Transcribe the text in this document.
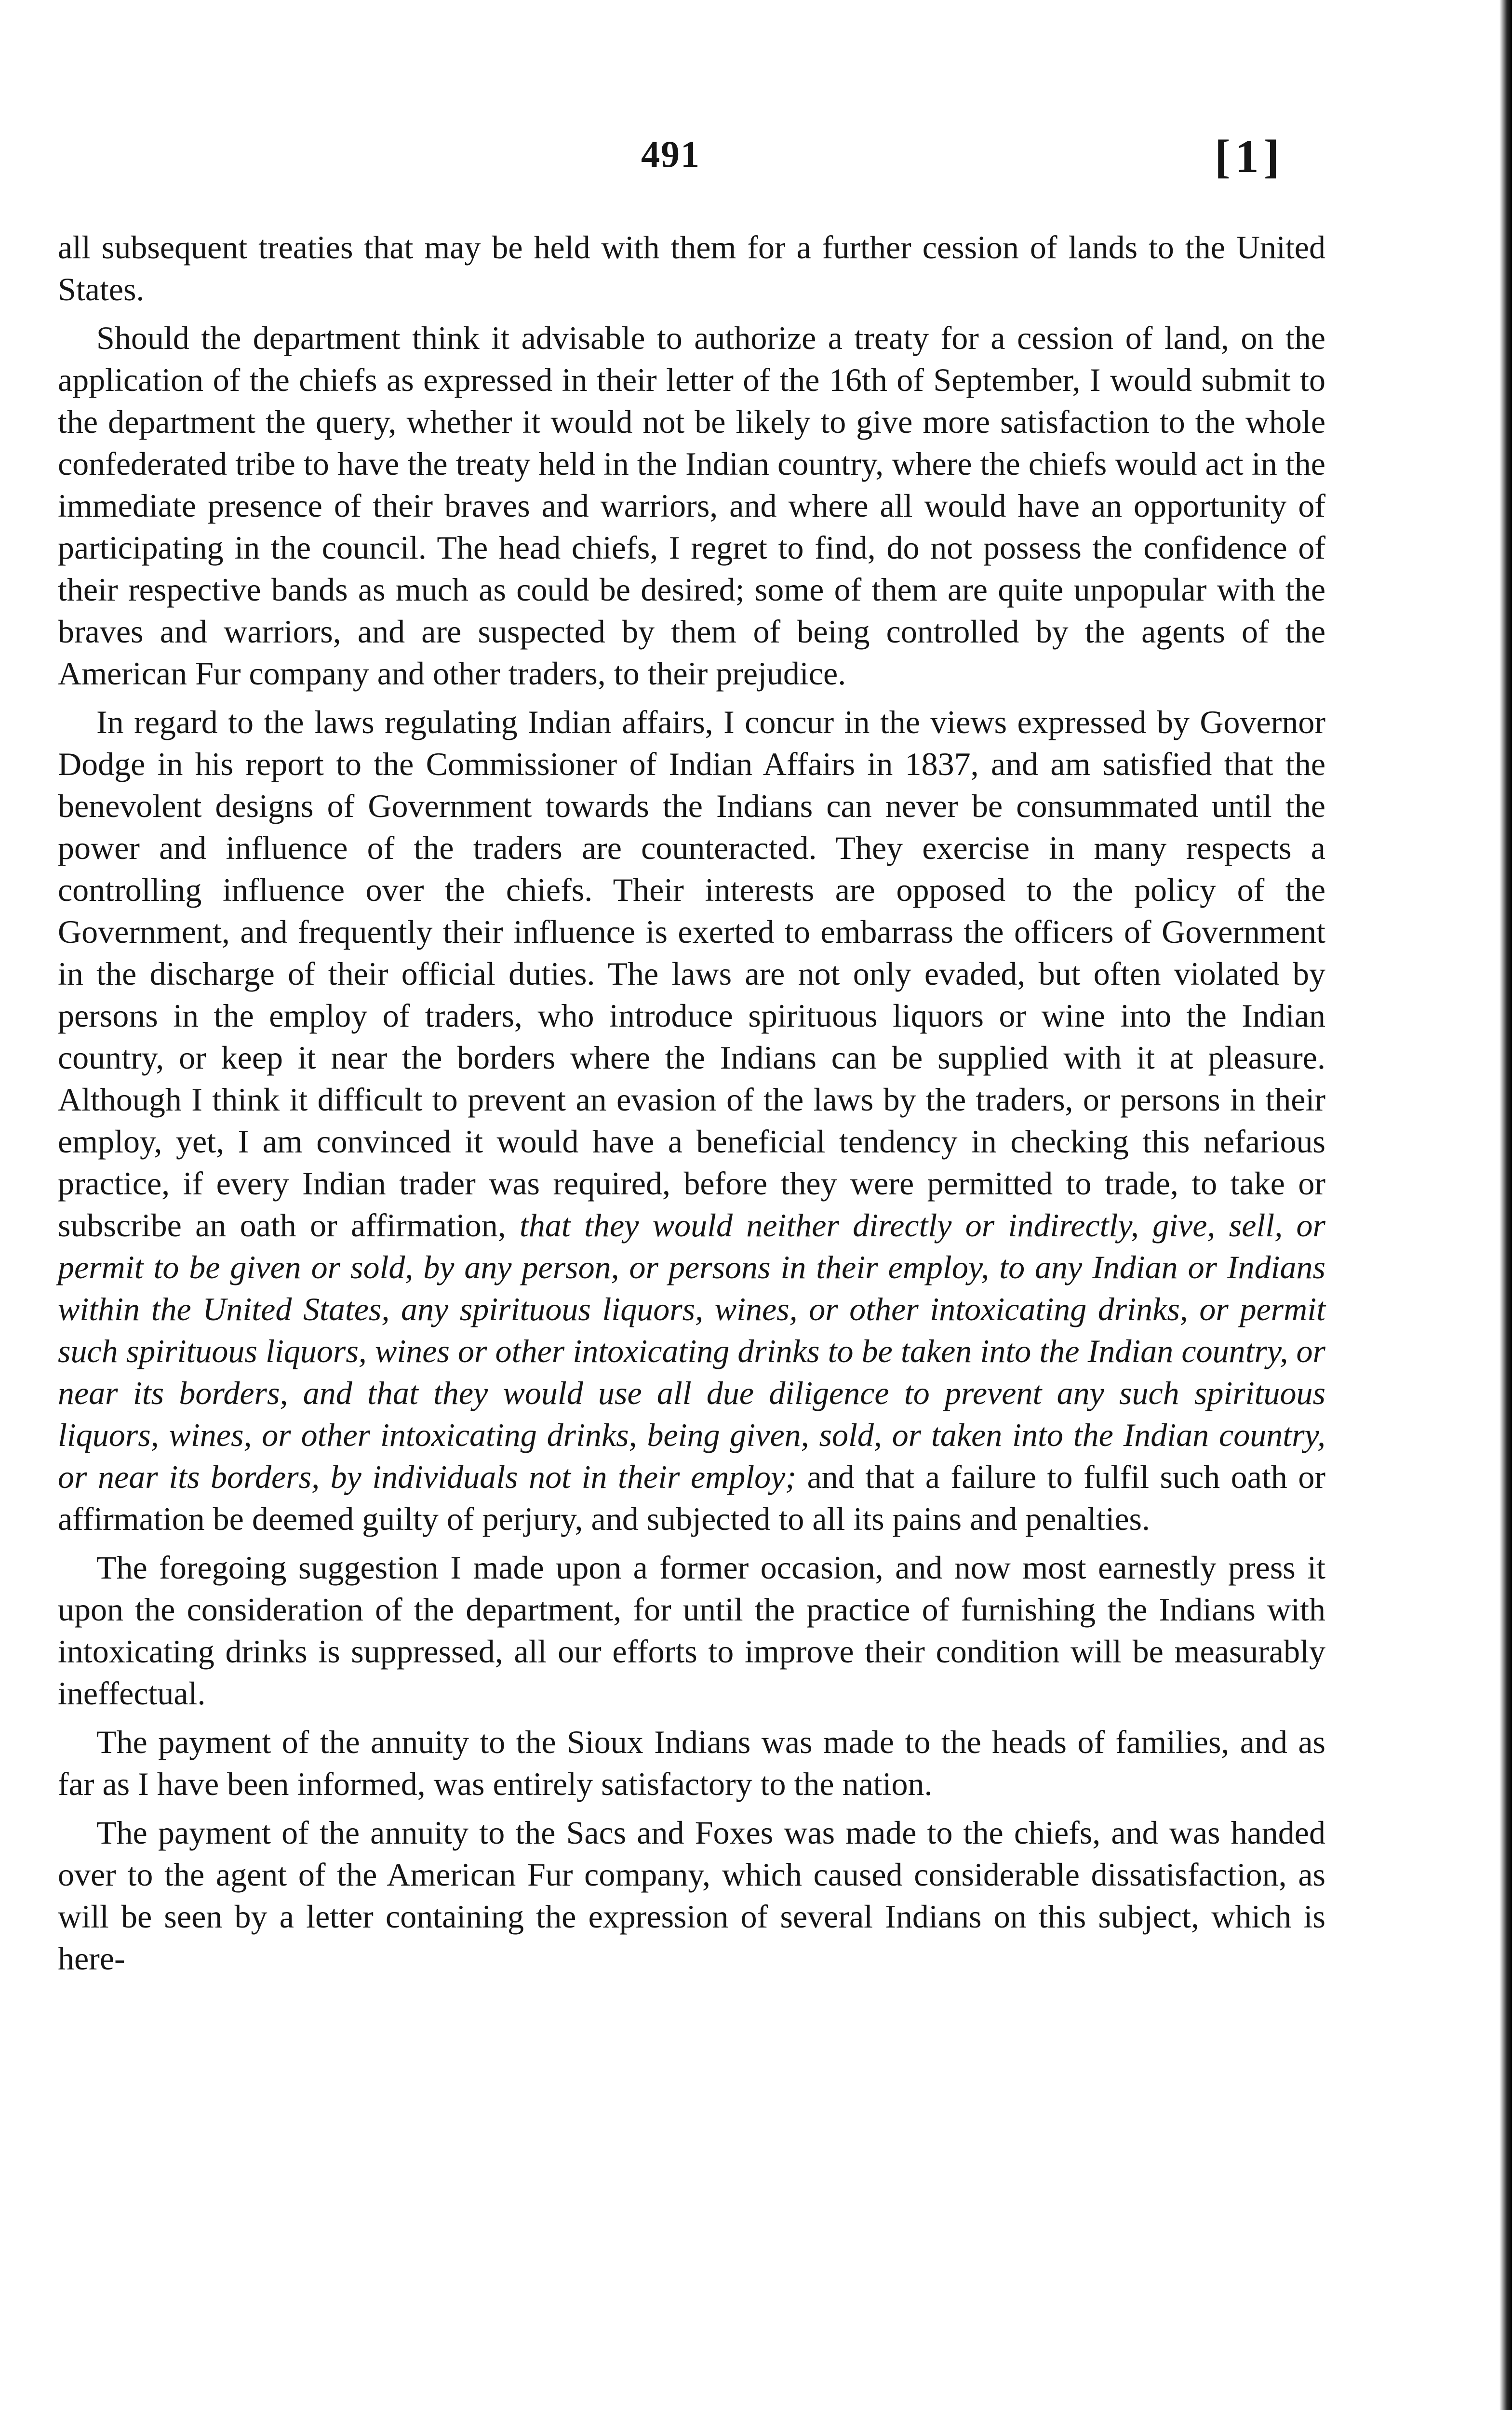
491	[1]

all subsequent treaties that may be held with them for a further cession of lands to the United States.

Should the department think it advisable to authorize a treaty for a cession of land, on the application of the chiefs as expressed in their letter of the 16th of September, I would submit to the department the query, whether it would not be likely to give more satisfaction to the whole confederated tribe to have the treaty held in the Indian country, where the chiefs would act in the immediate presence of their braves and warriors, and where all would have an opportunity of participating in the council. The head chiefs, I regret to find, do not possess the confidence of their respective bands as much as could be desired; some of them are quite unpopular with the braves and warriors, and are suspected by them of being controlled by the agents of the American Fur company and other traders, to their prejudice.

In regard to the laws regulating Indian affairs, I concur in the views expressed by Governor Dodge in his report to the Commissioner of Indian Affairs in 1837, and am satisfied that the benevolent designs of Government towards the Indians can never be consummated until the power and influence of the traders are counteracted. They exercise in many respects a controlling influence over the chiefs. Their interests are opposed to the policy of the Government, and frequently their influence is exerted to embarrass the officers of Government in the discharge of their official duties. The laws are not only evaded, but often violated by persons in the employ of traders, who introduce spirituous liquors or wine into the Indian country, or keep it near the borders where the Indians can be supplied with it at pleasure. Although I think it difficult to prevent an evasion of the laws by the traders, or persons in their employ, yet, I am convinced it would have a beneficial tendency in checking this nefarious practice, if every Indian trader was required, before they were permitted to trade, to take or subscribe an oath or affirmation, that they would neither directly or indirectly, give, sell, or permit to be given or sold, by any person, or persons in their employ, to any Indian or Indians within the United States, any spirituous liquors, wines, or other intoxicating drinks, or permit such spirituous liquors, wines or other intoxicating drinks to be taken into the Indian country, or near its borders, and that they would use all due diligence to prevent any such spirituous liquors, wines, or other intoxicating drinks, being given, sold, or taken into the Indian country, or near its borders, by individuals not in their employ; and that a failure to fulfil such oath or affirmation be deemed guilty of perjury, and subjected to all its pains and penalties.

The foregoing suggestion I made upon a former occasion, and now most earnestly press it upon the consideration of the department, for until the practice of furnishing the Indians with intoxicating drinks is suppressed, all our efforts to improve their condition will be measurably ineffectual.

The payment of the annuity to the Sioux Indians was made to the heads of families, and as far as I have been informed, was entirely satisfactory to the nation.

The payment of the annuity to the Sacs and Foxes was made to the chiefs, and was handed over to the agent of the American Fur company, which caused considerable dissatisfaction, as will be seen by a letter containing the expression of several Indians on this subject, which is here-
